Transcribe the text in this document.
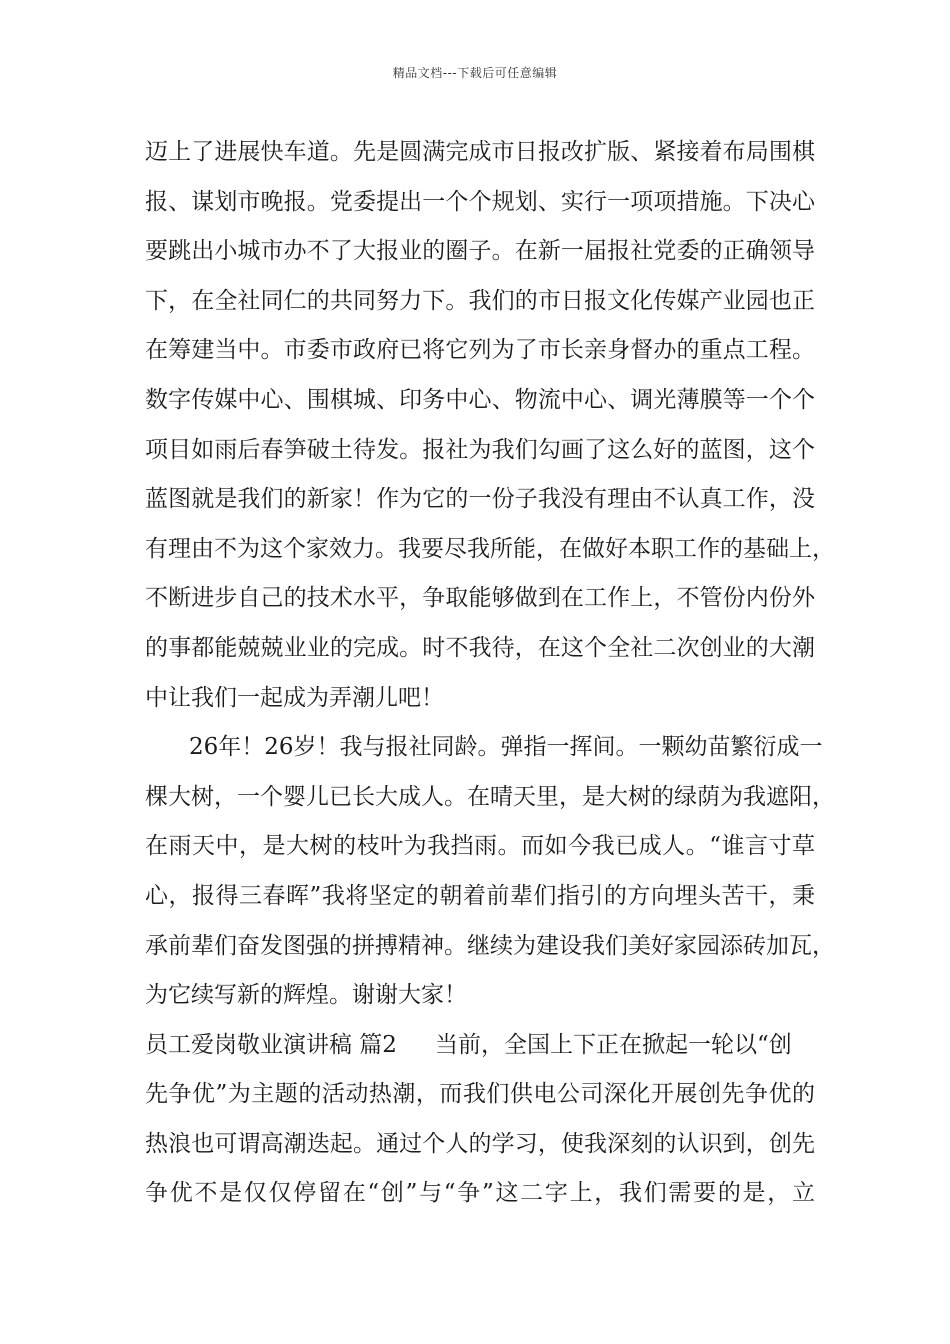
精品文档---下载后可任意编辑
迈上了进展快车道。先是圆满完成市日报改扩版、紧接着布局围棋
报、谋划市晚报。党委提出一个个规划、实行一项项措施。下决心
要跳出小城市办不了大报业的圈子。在新一届报社党委的正确领导
下，在全社同仁的共同努力下。我们的市日报文化传媒产业园也正
在筹建当中。市委市政府已将它列为了市长亲身督办的重点工程。
数字传媒中心、围棋城、印务中心、物流中心、调光薄膜等一个个
项目如雨后春笋破土待发。报社为我们勾画了这么好的蓝图，这个
蓝图就是我们的新家！作为它的一份子我没有理由不认真工作，没
有理由不为这个家效力。我要尽我所能，在做好本职工作的基础上，
不断进步自己的技术水平，争取能够做到在工作上，不管份内份外
的事都能兢兢业业的完成。时不我待，在这个全社二次创业的大潮
中让我们一起成为弄潮儿吧！
26年！26岁！我与报社同龄。弹指一挥间。一颗幼苗繁衍成一
棵大树，一个婴儿已长大成人。在晴天里，是大树的绿荫为我遮阳，
在雨天中，是大树的枝叶为我挡雨。而如今我已成人。“谁言寸草
心，报得三春晖”我将坚定的朝着前辈们指引的方向埋头苦干，秉
承前辈们奋发图强的拼搏精神。继续为建设我们美好家园添砖加瓦，
为它续写新的辉煌。谢谢大家！
员工爱岗敬业演讲稿 篇2 当前，全国上下正在掀起一轮以“创
先争优”为主题的活动热潮，而我们供电公司深化开展创先争优的
热浪也可谓高潮迭起。通过个人的学习，使我深刻的认识到，创先
争优不是仅仅停留在“创”与“争”这二字上，我们需要的是，立
